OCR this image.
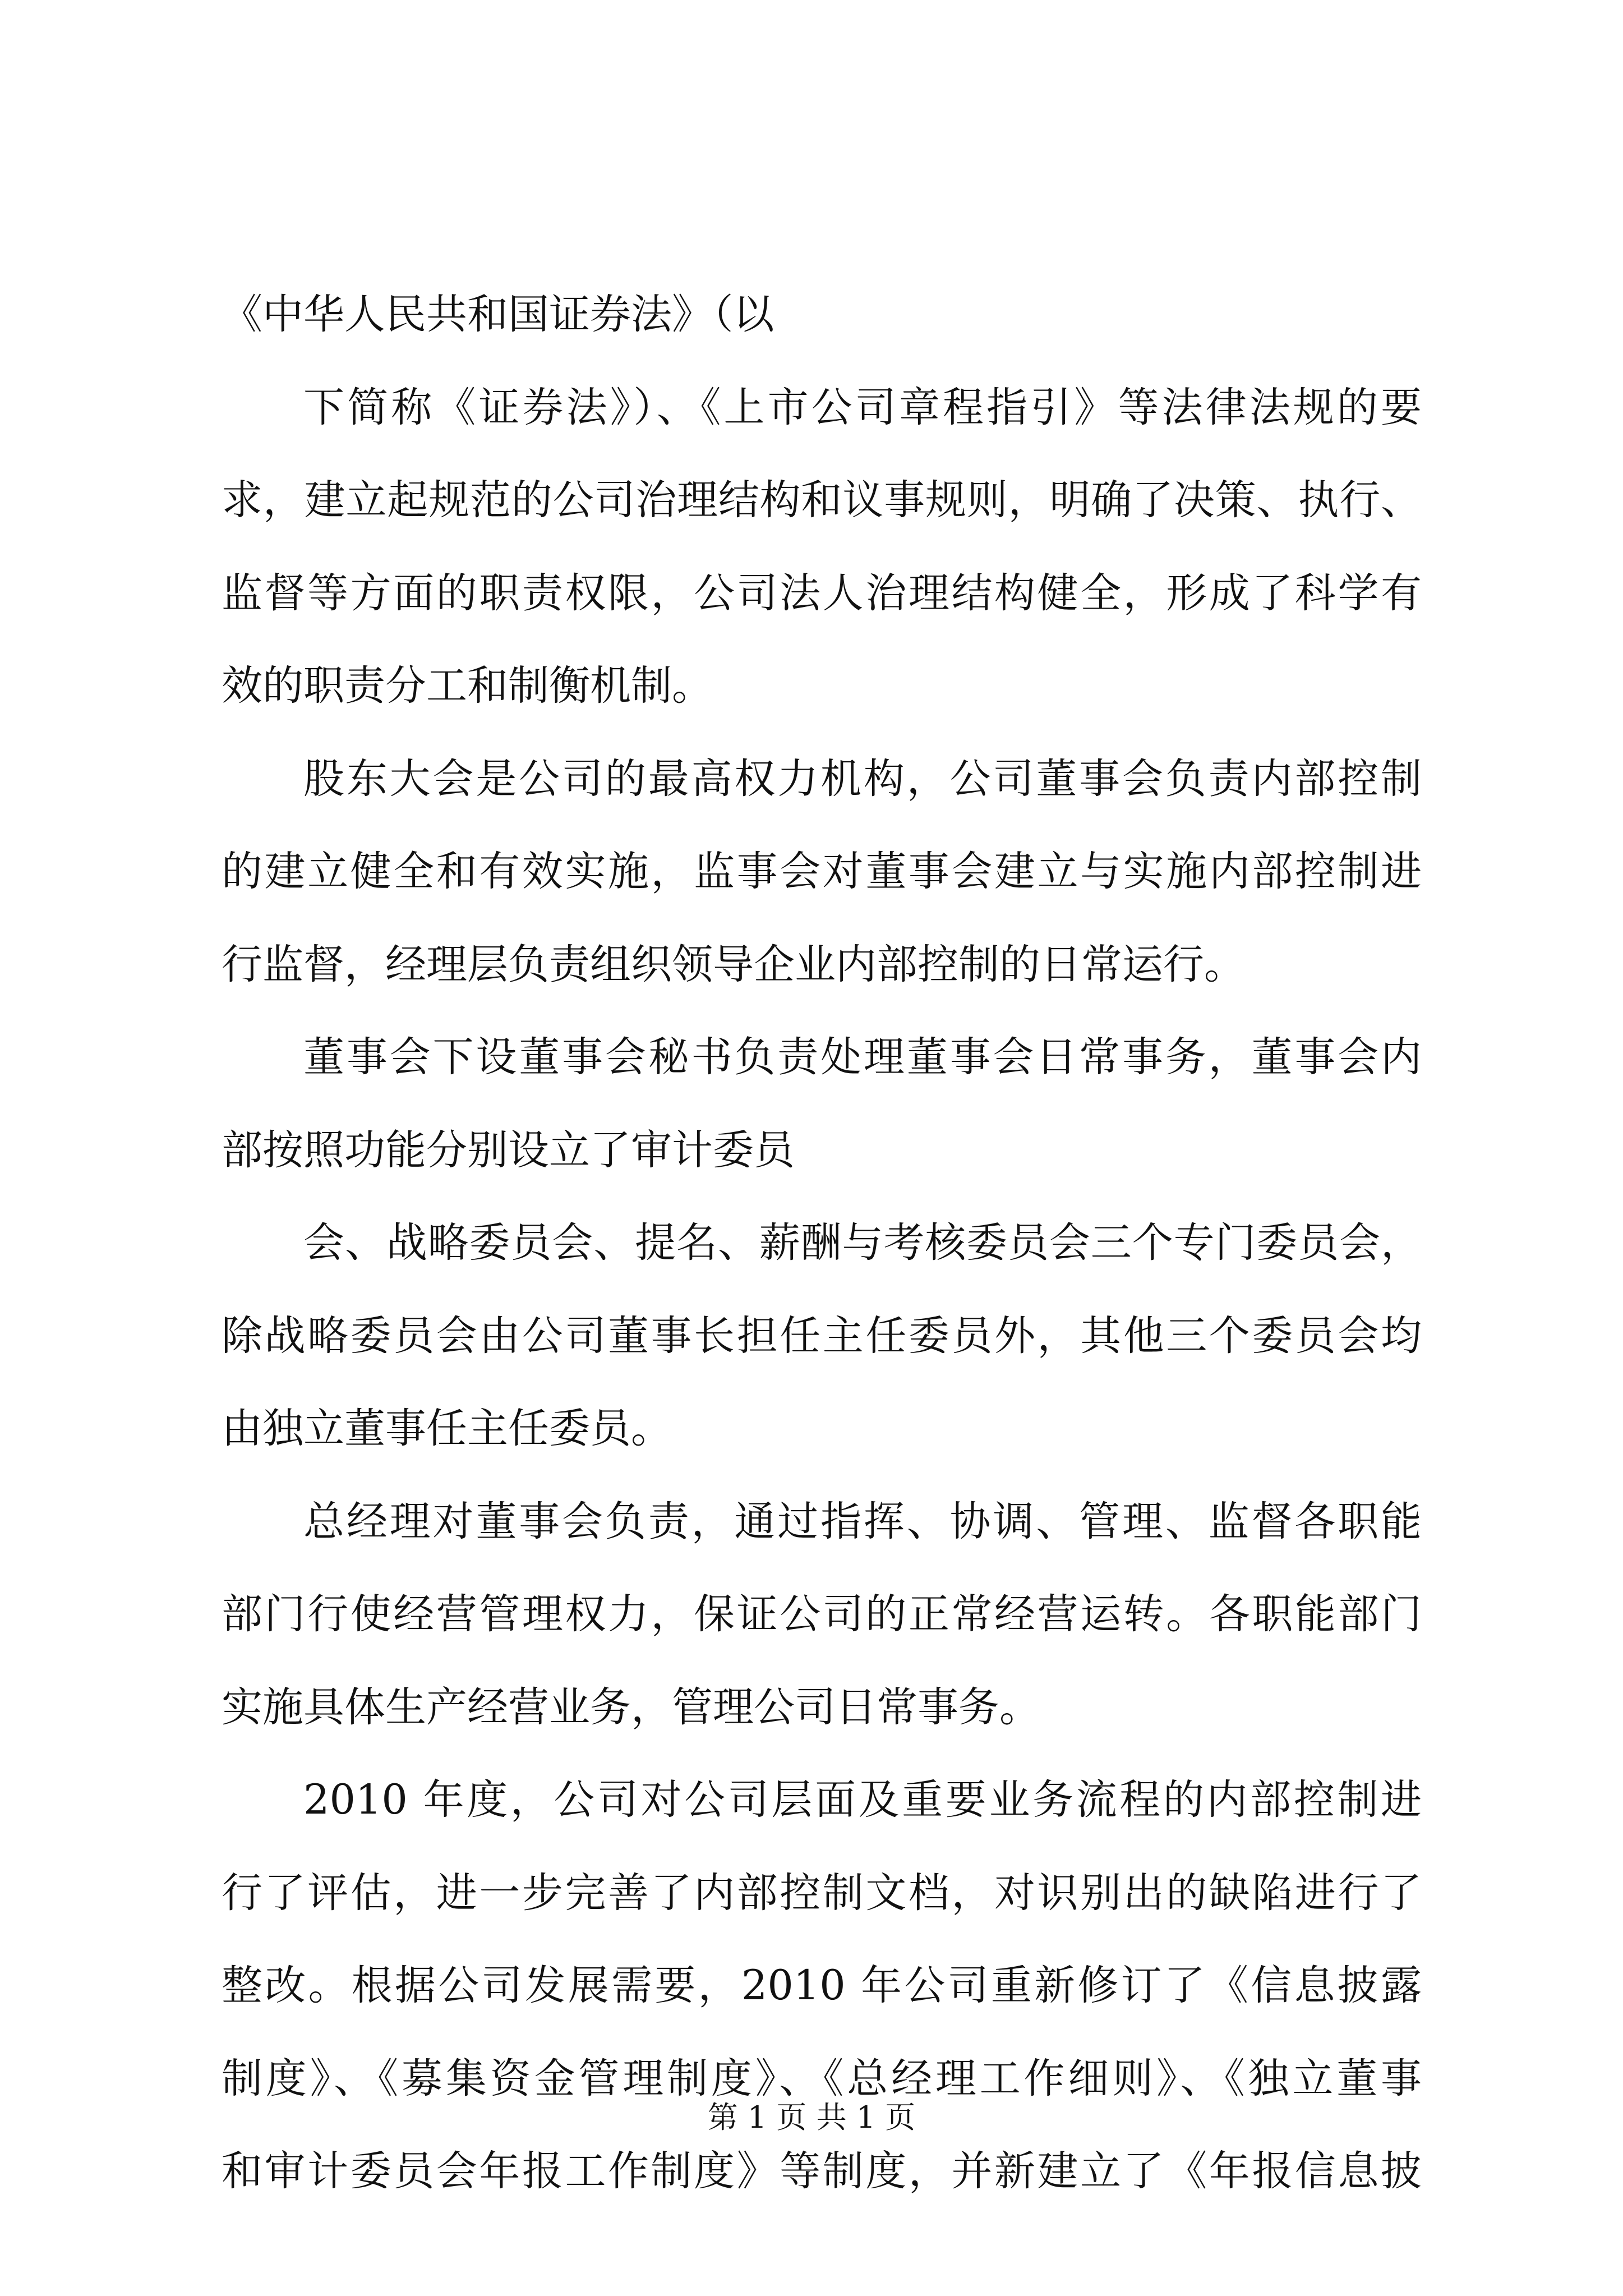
《中华人民共和国证券法》（以
下简称《证券法》）、《上市公司章程指引》等法律法规的要
求，建立起规范的公司治理结构和议事规则，明确了决策、执行、
监督等方面的职责权限，公司法人治理结构健全，形成了科学有
效的职责分工和制衡机制。
股东大会是公司的最高权力机构，公司董事会负责内部控制
的建立健全和有效实施，监事会对董事会建立与实施内部控制进
行监督，经理层负责组织领导企业内部控制的日常运行。
董事会下设董事会秘书负责处理董事会日常事务，董事会内
部按照功能分别设立了审计委员
会、战略委员会、提名、薪酬与考核委员会三个专门委员会，
除战略委员会由公司董事长担任主任委员外，其他三个委员会均
由独立董事任主任委员。
总经理对董事会负责，通过指挥、协调、管理、监督各职能
部门行使经营管理权力，保证公司的正常经营运转。各职能部门
实施具体生产经营业务，管理公司日常事务。
2010 年度，公司对公司层面及重要业务流程的内部控制进
行了评估，进一步完善了内部控制文档，对识别出的缺陷进行了
整改。根据公司发展需要，2010 年公司重新修订了《信息披露
制度》、《募集资金管理制度》、《总经理工作细则》、《独立董事
和审计委员会年报工作制度》等制度，并新建立了《年报信息披
第 1 页 共 1 页
